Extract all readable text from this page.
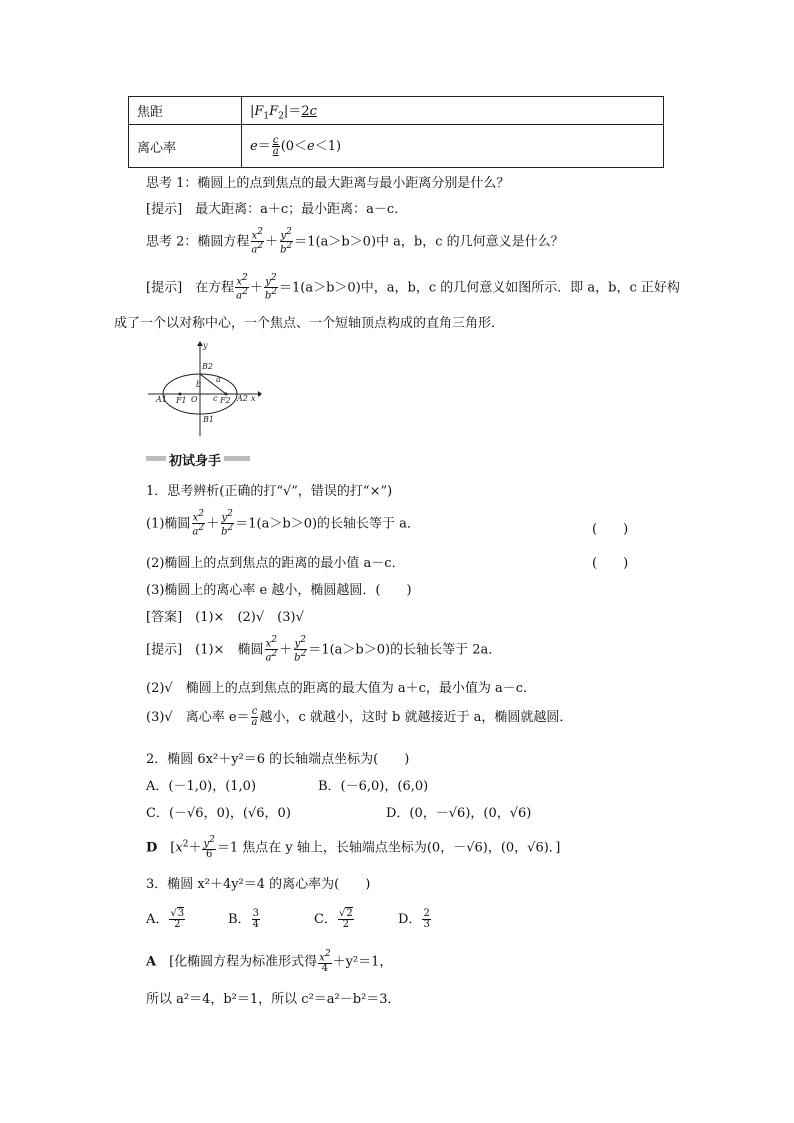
焦距	$|F_1F_2|=2c$
离心率	$e= \frac{c}{a} (0<e<1)$
思考 1：椭圆上的点到焦点的最大距离与最小距离分别是什么？
[提示]　最大距离：a＋c；最小距离：a－c．
思考 2：椭圆方程 $\frac{x^2}{a^2} + \frac{y^2}{b^2} =1(a>b>0)$中 a，b，c 的几何意义是什么？
[提示]　在方程 $\frac{x^2}{a^2} + \frac{y^2}{b^2} =1(a>b>0)$中，a，b，c 的几何意义如图所示．即 a，b，c 正好构
成了一个以对称中心，一个焦点、一个短轴顶点构成的直角三角形．
y
B2
b
a
A1 F1 O c F2 A2 x
B1
初试身手
1．思考辨析(正确的打“√”，错误的打“×”)
(1)椭圆 $\frac{x^2}{a^2} + \frac{y^2}{b^2} =1(a>b>0)$的长轴长等于 a．	(　　)
(2)椭圆上的点到焦点的距离的最小值 a－c．	(　　)
(3)椭圆上的离心率 e 越小，椭圆越圆．(　　)
[答案]　(1)×　(2)√　(3)√
[提示]　(1)×　椭圆 $\frac{x^2}{a^2} + \frac{y^2}{b^2} =1(a>b>0)$的长轴长等于 2a．
(2)√　椭圆上的点到焦点的距离的最大值为 a＋c，最小值为 a－c．
(3)√　离心率 $e= \frac{c}{a}$ 越小，c 就越小，这时 b 就越接近于 a，椭圆就越圆．
2．椭圆 6x²＋y²＝6 的长轴端点坐标为(　　)
A．(－1,0)，(1,0)	B．(－6,0)，(6,0)
C．(－√6，0)，(√6，0)	D．(0，－√6)，(0，√6)
D　[$x^2+ \frac{y^2}{6} =1$ 焦点在 y 轴上，长轴端点坐标为(0，－√6)，(0，√6)．]
3．椭圆 x²＋4y²＝4 的离心率为(　　)
A． $\frac{√3}{2}$	B． $\frac{3}{4}$	C． $\frac{√2}{2}$	D． $\frac{2}{3}$
A　 [化椭圆方程为标准形式得 $\frac{x^2}{4} +y^2=1$，
所以 a²＝4，b²＝1，所以 c²＝a²－b²＝3．
